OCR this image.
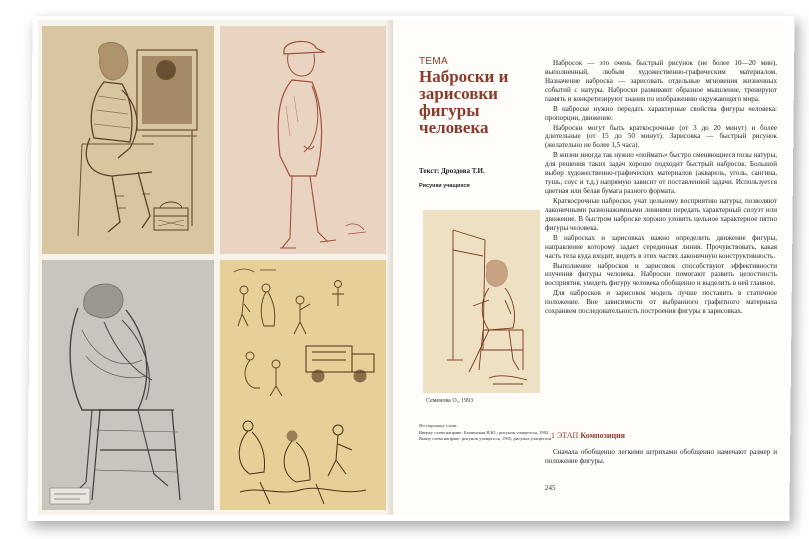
ТЕМА
Наброски и зарисовки фигуры человека
Текст: Дроздова Т.И.
Рисунки учащихся
Семенова О., 1993
На странице слева:
Вверху слева направо: Бычинская И.Ю.; рисунок учащегося, 1992
Внизу слева направо: рисунок учащегося, 1995; рисунок учащегося

Набросок — это очень быстрый рисунок (не более 10—20 мин), выполненный, любым художественно-графическим материалом. Назначение наброска — зарисовать отдельные мгновения жизненных событий с натуры. Наброски развивают образное мышление, тренируют память и конкретизируют знания по изображению окружающего мира.

В наброске нужно передать характерные свойства фигуры человека: пропорции, движение.

Наброски могут быть краткосрочные (от 3 до 20 минут) и более длительные (от 15 до 50 минут). Зарисовка — быстрый рисунок (желательно не более 1,5 часа).

В жизни иногда так нужно «поймать» быстро сменяющиеся позы натуры, для решения таких задач хорошо подходит быстрый набросок. Большой выбор художественно-графических материалов (акварель, уголь, сангина, тушь, соус и т.д.) напрямую зависит от поставленной задачи. Используется цветная или белая бумага разного формата.

Краткосрочные наброски, учат цельному восприятию натуры, позволяют лаконичными разнонажимными линиями передать характерный силуэт или движение. В быстром наброске хорошо уловить цельное характерное пятно фигуры человека.

В набросках и зарисовках важно определить движение фигуры, направление которому задает серединная линия. Прочувствовать, какая часть тела куда входит, видеть в этих частях лаконичную конструктивность.

Выполнение набросков и зарисовок способствуют эффективности изучения фигуры человека. Наброски помогают развить целостность восприятия, увидеть фигуру человека обобщенно и выделить в ней главное.

Для набросков и зарисовок модель лучше поставить в статичное положение. Вне зависимости от выбранного графитного материала сохраняем последовательность построения фигуры в зарисовках.

1 ЭТАП Композиция
Сначала обобщенно легкими штрихами обобщенно намечают размер и положение фигуры.
245
